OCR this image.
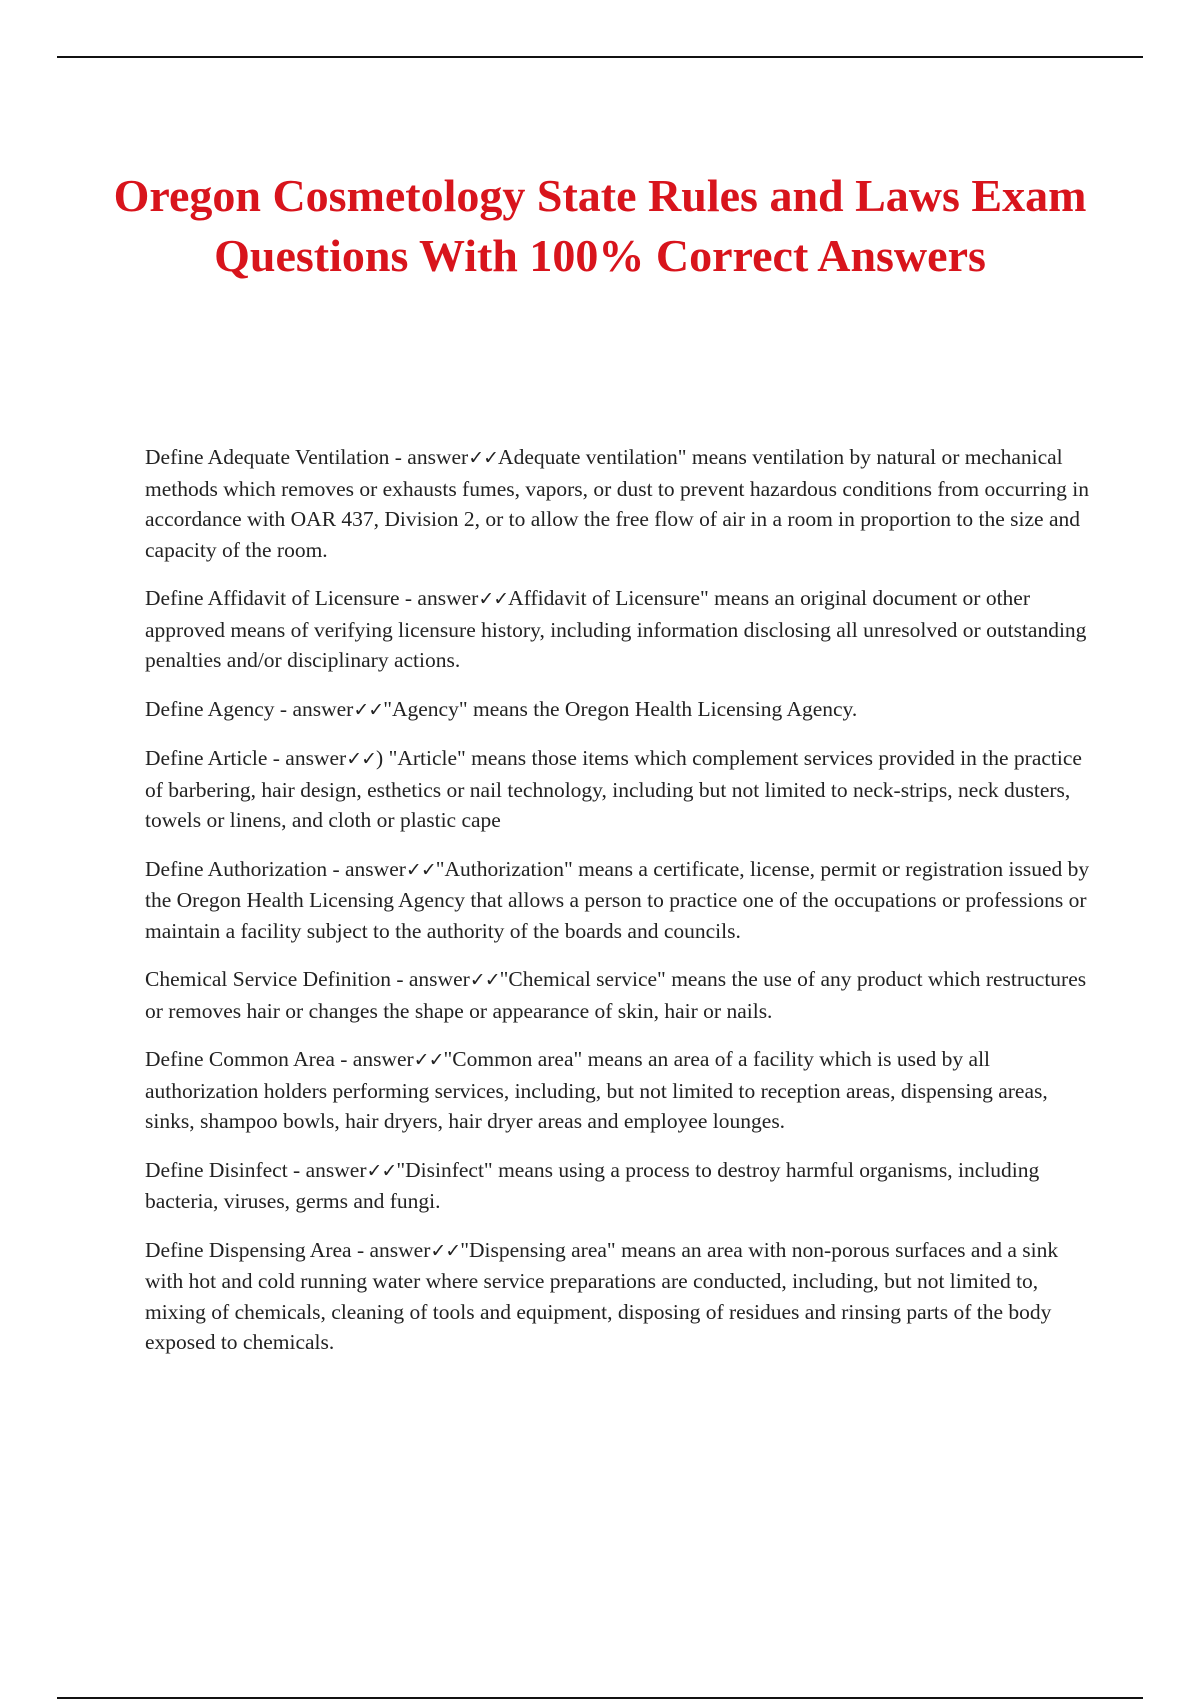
Oregon Cosmetology State Rules and Laws Exam Questions With 100% Correct Answers

Define Adequate Ventilation - answer✓✓Adequate ventilation" means ventilation by natural or mechanical methods which removes or exhausts fumes, vapors, or dust to prevent hazardous conditions from occurring in accordance with OAR 437, Division 2, or to allow the free flow of air in a room in proportion to the size and capacity of the room.

Define Affidavit of Licensure - answer✓✓Affidavit of Licensure" means an original document or other approved means of verifying licensure history, including information disclosing all unresolved or outstanding penalties and/or disciplinary actions.

Define Agency - answer✓✓"Agency" means the Oregon Health Licensing Agency.

Define Article - answer✓✓) "Article" means those items which complement services provided in the practice of barbering, hair design, esthetics or nail technology, including but not limited to neck-strips, neck dusters, towels or linens, and cloth or plastic cape

Define Authorization - answer✓✓"Authorization" means a certificate, license, permit or registration issued by the Oregon Health Licensing Agency that allows a person to practice one of the occupations or professions or maintain a facility subject to the authority of the boards and councils.

Chemical Service Definition - answer✓✓"Chemical service" means the use of any product which restructures or removes hair or changes the shape or appearance of skin, hair or nails.

Define Common Area - answer✓✓"Common area" means an area of a facility which is used by all authorization holders performing services, including, but not limited to reception areas, dispensing areas, sinks, shampoo bowls, hair dryers, hair dryer areas and employee lounges.

Define Disinfect - answer✓✓"Disinfect" means using a process to destroy harmful organisms, including bacteria, viruses, germs and fungi.

Define Dispensing Area - answer✓✓"Dispensing area" means an area with non-porous surfaces and a sink with hot and cold running water where service preparations are conducted, including, but not limited to, mixing of chemicals, cleaning of tools and equipment, disposing of residues and rinsing parts of the body exposed to chemicals.
